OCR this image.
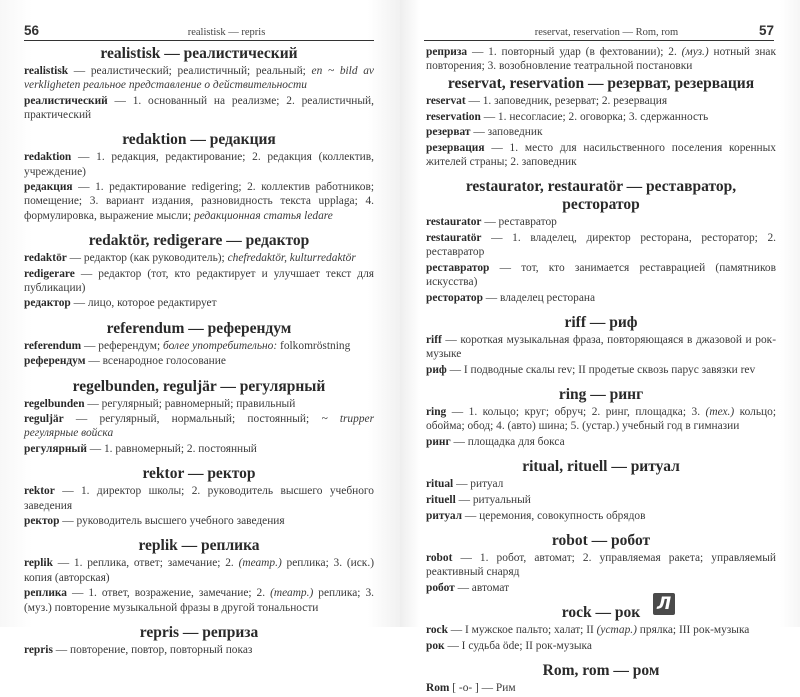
56	realistisk — repris
realistisk — реалистический

realistisk — реалистический; реалистичный; реальный; en ~ bild av verkligheten реальное представление о действительности

реалистический — 1. основанный на реализме; 2. реалистичный, практический

redaktion — редакция

redaktion — 1. редакция, редактирование; 2. редакция (коллектив, учреждение)

редакция — 1. редактирование redigering; 2. коллектив работников; помещение; 3. вариант издания, разновидность текста upplaga; 4. формулировка, выражение мысли; редакционная статья ledare

redaktör, redigerare — редактор

redaktör — редактор (как руководитель); chefredaktör, kulturredaktör

redigerare — редактор (тот, кто редактирует и улучшает текст для публикации)

редактор — лицо, которое редактирует

referendum — референдум

referendum — референдум; более употребительно: folkomröstning

референдум — всенародное голосование

regelbunden, reguljär — регулярный

regelbunden — регулярный; равномерный; правильный

reguljär — регулярный, нормальный; постоянный; ~ trupper регулярные войска

регулярный — 1. равномерный; 2. постоянный

rektor — ректор

rektor — 1. директор школы; 2. руководитель высшего учебного заведения

ректор — руководитель высшего учебного заведения

replik — реплика

replik — 1. реплика, ответ; замечание; 2. (театр.) реплика; 3. (иск.) копия (авторская)

реплика — 1. ответ, возражение, замечание; 2. (театр.) реплика; 3. (муз.) повторение музыкальной фразы в другой тональности

repris — реприза

repris — повторение, повтор, повторный показ

reservat, reservation — Rom, rom	57

реприза — 1. повторный удар (в фехтовании); 2. (муз.) нотный знак повторения; 3. возобновление театральной постановки

reservat, reservation — резерват, резервация

reservat — 1. заповедник, резерват; 2. резервация

reservation — 1. несогласие; 2. оговорка; 3. сдержанность

резерват — заповедник

резервация — 1. место для насильственного поселения коренных жителей страны; 2. заповедник

restaurator, restauratör — реставратор, ресторатор

restaurator — реставратор

restauratör — 1. владелец, директор ресторана, ресторатор; 2. реставратор

реставратор — тот, кто занимается реставрацией (памятников искусства)

ресторатор — владелец ресторана

riff — риф

riff — короткая музыкальная фраза, повторяющаяся в джазовой и рок-музыке

риф — I подводные скалы rev; II продетые сквозь парус завязки rev

ring — ринг

ring — 1. кольцо; круг; обруч; 2. ринг, площадка; 3. (тех.) кольцо; обойма; обод; 4. (авто) шина; 5. (устар.) учебный год в гимназии

ринг — площадка для бокса

ritual, rituell — ритуал

ritual — ритуал

rituell — ритуальный

ритуал — церемония, совокупность обрядов

robot — робот

robot — 1. робот, автомат; 2. управляемая ракета; управляемый реактивный снаряд

робот — автомат

rock — рок

rock — I мужское пальто; халат; II (устар.) прялка; III рок-музыка

рок — I судьба öde; II рок-музыка

Rom, rom — ром

Rom [ -o- ] — Рим

Л
